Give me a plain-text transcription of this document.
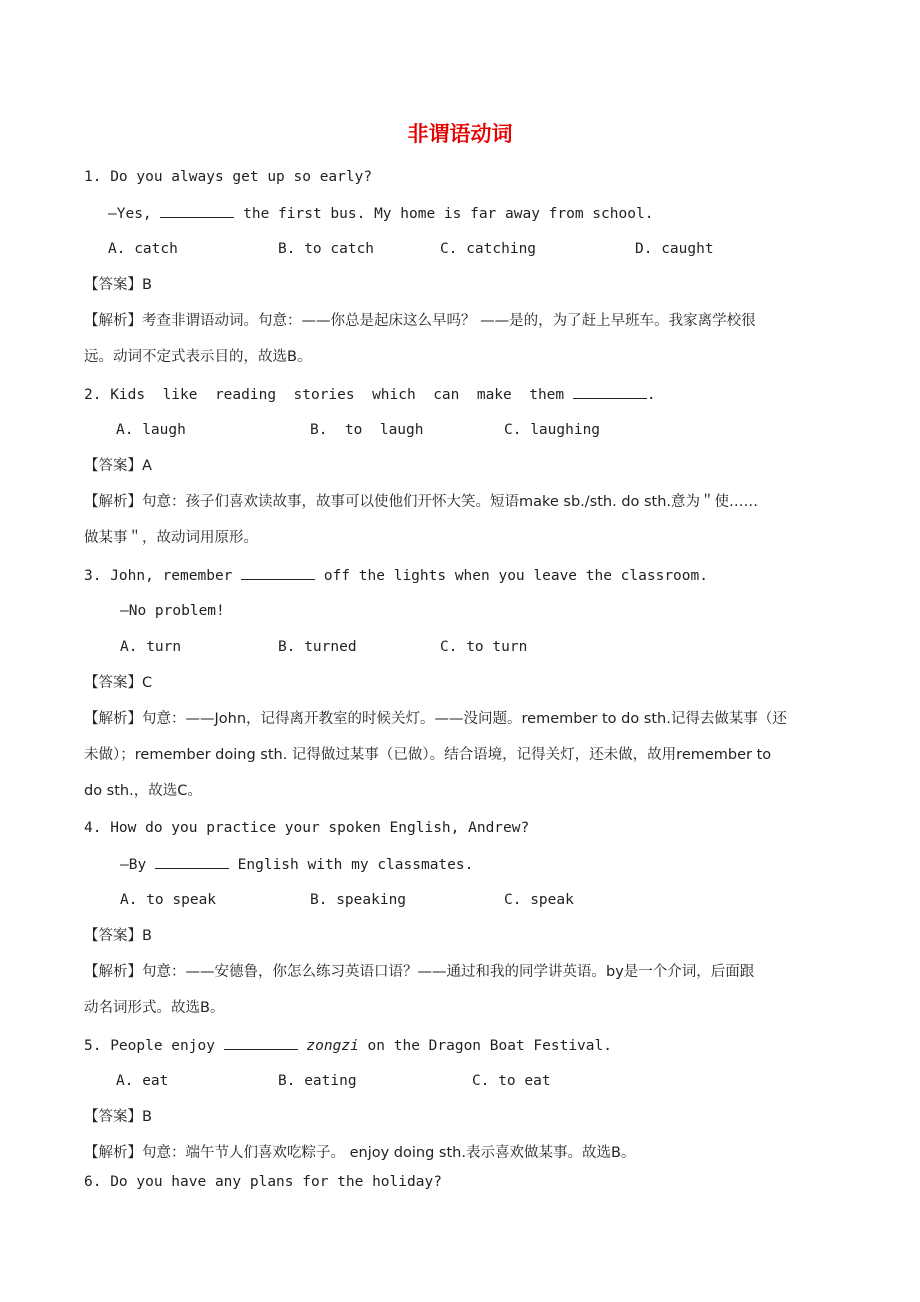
非谓语动词
1. Do you always get up so early?
—Yes,	the first bus. My home is far away from school.
A. catch	B. to catch	C. catching	D. caught
【答案】B
【解析】考查非谓语动词。句意：——你总是起床这么早吗？ ——是的，为了赶上早班车。我家离学校很
远。动词不定式表示目的，故选B。
2. Kids  like  reading  stories  which  can  make  them	.
A. laugh	B.  to  laugh	C. laughing
【答案】A
【解析】句意：孩子们喜欢读故事，故事可以使他们开怀大笑。短语make sb./sth. do sth.意为＂使……
做某事＂，故动词用原形。
3. John, remember	off the lights when you leave the classroom.
—No problem!
A. turn	B. turned	C. to turn
【答案】C
【解析】句意：——John，记得离开教室的时候关灯。——没问题。remember to do sth.记得去做某事（还
未做）；remember doing sth. 记得做过某事（已做）。结合语境，记得关灯，还未做，故用remember to
do sth.，故选C。
4. How do you practice your spoken English, Andrew?
—By	English with my classmates.
A. to speak	B. speaking	C. speak
【答案】B
【解析】句意：——安德鲁，你怎么练习英语口语？——通过和我的同学讲英语。by是一个介词，后面跟
动名词形式。故选B。
5. People enjoy	zongzi on the Dragon Boat Festival.
A. eat	B. eating	C. to eat
【答案】B
【解析】句意：端午节人们喜欢吃粽子。 enjoy doing sth.表示喜欢做某事。故选B。
6. Do you have any plans for the holiday?
